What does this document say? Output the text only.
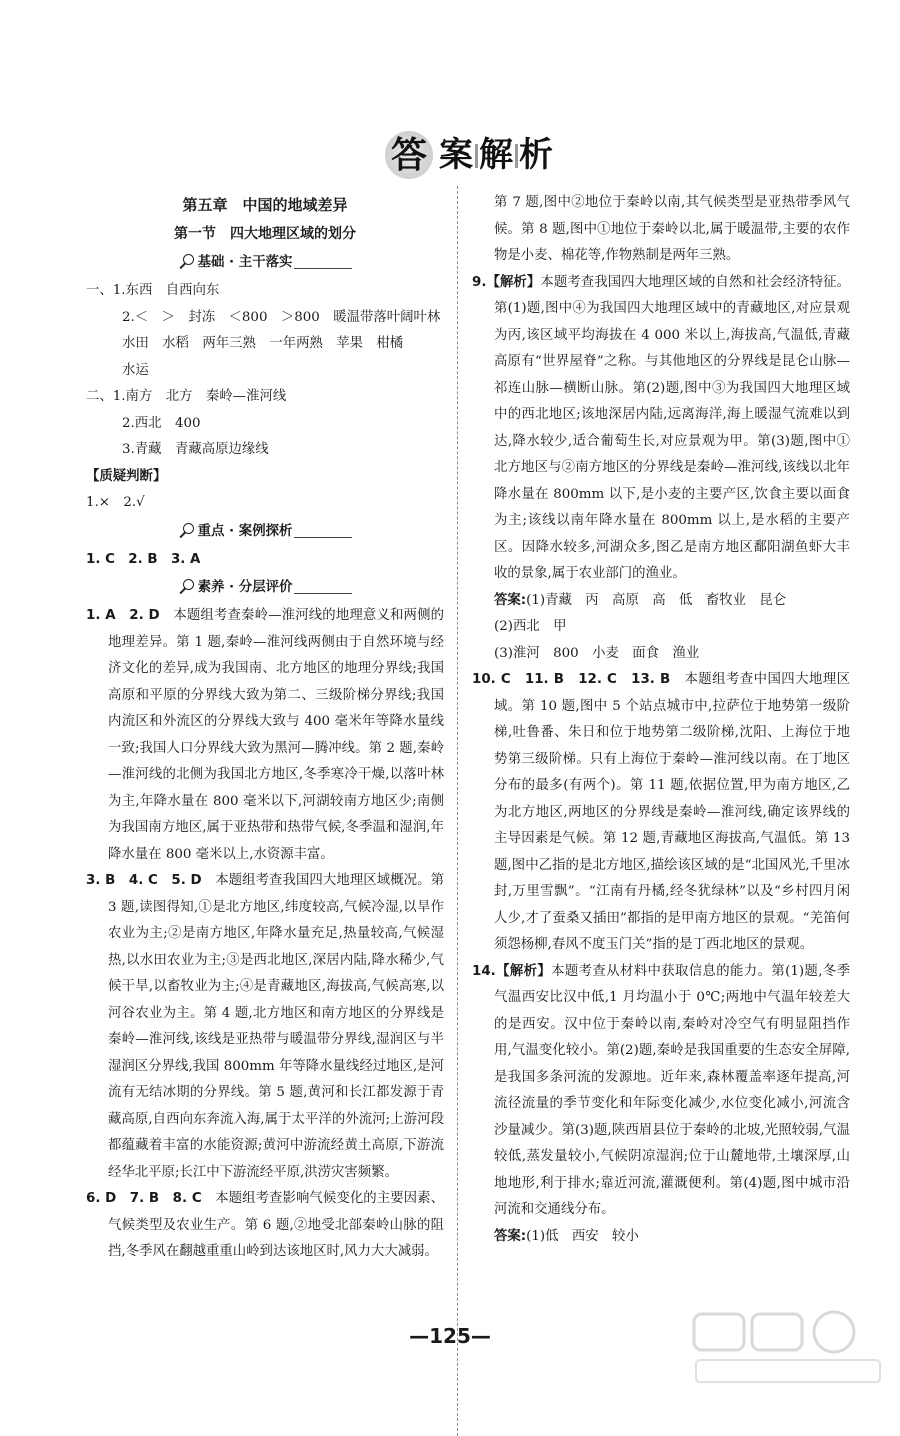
答 案 解 析
第五章　中国的地域差异
第一节　四大地理区域的划分
基础 · 主干落实

一、1.东西　自西向东

2.＜　＞　封冻　＜800　＞800　暖温带落叶阔叶林

水田　水稻　两年三熟　一年两熟　苹果　柑橘

水运

二、1.南方　北方　秦岭—淮河线

2.西北　400

3.青藏　青藏高原边缘线

【质疑判断】

1.×　2.√

重点 · 案例探析

1. C　2. B　3. A

素养 · 分层评价

1. A　2. D　 本题组考查秦岭—淮河线的地理意义和两侧的地理差异。第 1 题,秦岭—淮河线两侧由于自然环境与经济文化的差异,成为我国南、北方地区的地理分界线;我国高原和平原的分界线大致为第二、三级阶梯分界线;我国内流区和外流区的分界线大致与 400 毫米年等降水量线一致;我国人口分界线大致为黑河—腾冲线。第 2 题,秦岭—淮河线的北侧为我国北方地区,冬季寒冷干燥,以落叶林为主,年降水量在 800 毫米以下,河湖较南方地区少;南侧为我国南方地区,属于亚热带和热带气候,冬季温和湿润,年降水量在 800 毫米以上,水资源丰富。

3. B　4. C　5. D　 本题组考查我国四大地理区域概况。第 3 题,读图得知,①是北方地区,纬度较高,气候冷湿,以旱作农业为主;②是南方地区,年降水量充足,热量较高,气候湿热,以水田农业为主;③是西北地区,深居内陆,降水稀少,气候干旱,以畜牧业为主;④是青藏地区,海拔高,气候高寒,以河谷农业为主。第 4 题,北方地区和南方地区的分界线是秦岭—淮河线,该线是亚热带与暖温带分界线,湿润区与半湿润区分界线,我国 800mm 年等降水量线经过地区,是河流有无结冰期的分界线。第 5 题,黄河和长江都发源于青藏高原,自西向东奔流入海,属于太平洋的外流河;上游河段都蕴藏着丰富的水能资源;黄河中游流经黄土高原,下游流经华北平原;长江中下游流经平原,洪涝灾害频繁。

6. D　7. B　8. C　 本题组考查影响气候变化的主要因素、气候类型及农业生产。第 6 题,②地受北部秦岭山脉的阻挡,冬季风在翻越重重山岭到达该地区时,风力大大减弱。

第 7 题,图中②地位于秦岭以南,其气候类型是亚热带季风气候。第 8 题,图中①地位于秦岭以北,属于暖温带,主要的农作物是小麦、棉花等,作物熟制是两年三熟。

9.【解析】本题考查我国四大地理区域的自然和社会经济特征。第(1)题,图中④为我国四大地理区域中的青藏地区,对应景观为丙,该区域平均海拔在 4 000 米以上,海拔高,气温低,青藏高原有“世界屋脊”之称。与其他地区的分界线是昆仑山脉—祁连山脉—横断山脉。第(2)题,图中③为我国四大地理区域中的西北地区;该地深居内陆,远离海洋,海上暖湿气流难以到达,降水较少,适合葡萄生长,对应景观为甲。第(3)题,图中①北方地区与②南方地区的分界线是秦岭—淮河线,该线以北年降水量在 800mm 以下,是小麦的主要产区,饮食主要以面食为主;该线以南年降水量在 800mm 以上,是水稻的主要产区。因降水较多,河湖众多,图乙是南方地区鄱阳湖鱼虾大丰收的景象,属于农业部门的渔业。

答案:(1)青藏　丙　高原　高　低　畜牧业　昆仑

(2)西北　甲

(3)淮河　800　小麦　面食　渔业

10. C　11. B　12. C　13. B　 本题组考查中国四大地理区域。第 10 题,图中 5 个站点城市中,拉萨位于地势第一级阶梯,吐鲁番、朱日和位于地势第二级阶梯,沈阳、上海位于地势第三级阶梯。只有上海位于秦岭—淮河线以南。在丁地区分布的最多(有两个)。第 11 题,依据位置,甲为南方地区,乙为北方地区,两地区的分界线是秦岭—淮河线,确定该界线的主导因素是气候。第 12 题,青藏地区海拔高,气温低。第 13 题,图中乙指的是北方地区,描绘该区域的是“北国风光,千里冰封,万里雪飘”。“江南有丹橘,经冬犹绿林”以及“乡村四月闲人少,才了蚕桑又插田”都指的是甲南方地区的景观。“羌笛何须怨杨柳,春风不度玉门关”指的是丁西北地区的景观。

14.【解析】本题考查从材料中获取信息的能力。第(1)题,冬季气温西安比汉中低,1 月均温小于 0℃;两地中气温年较差大的是西安。汉中位于秦岭以南,秦岭对冷空气有明显阻挡作用,气温变化较小。第(2)题,秦岭是我国重要的生态安全屏障,是我国多条河流的发源地。近年来,森林覆盖率逐年提高,河流径流量的季节变化和年际变化减少,水位变化减小,河流含沙量减少。第(3)题,陕西眉县位于秦岭的北坡,光照较弱,气温较低,蒸发量较小,气候阴凉湿润;位于山麓地带,土壤深厚,山地地形,利于排水;靠近河流,灌溉便利。第(4)题,图中城市沿河流和交通线分布。

答案:(1)低　西安　较小

—125—
